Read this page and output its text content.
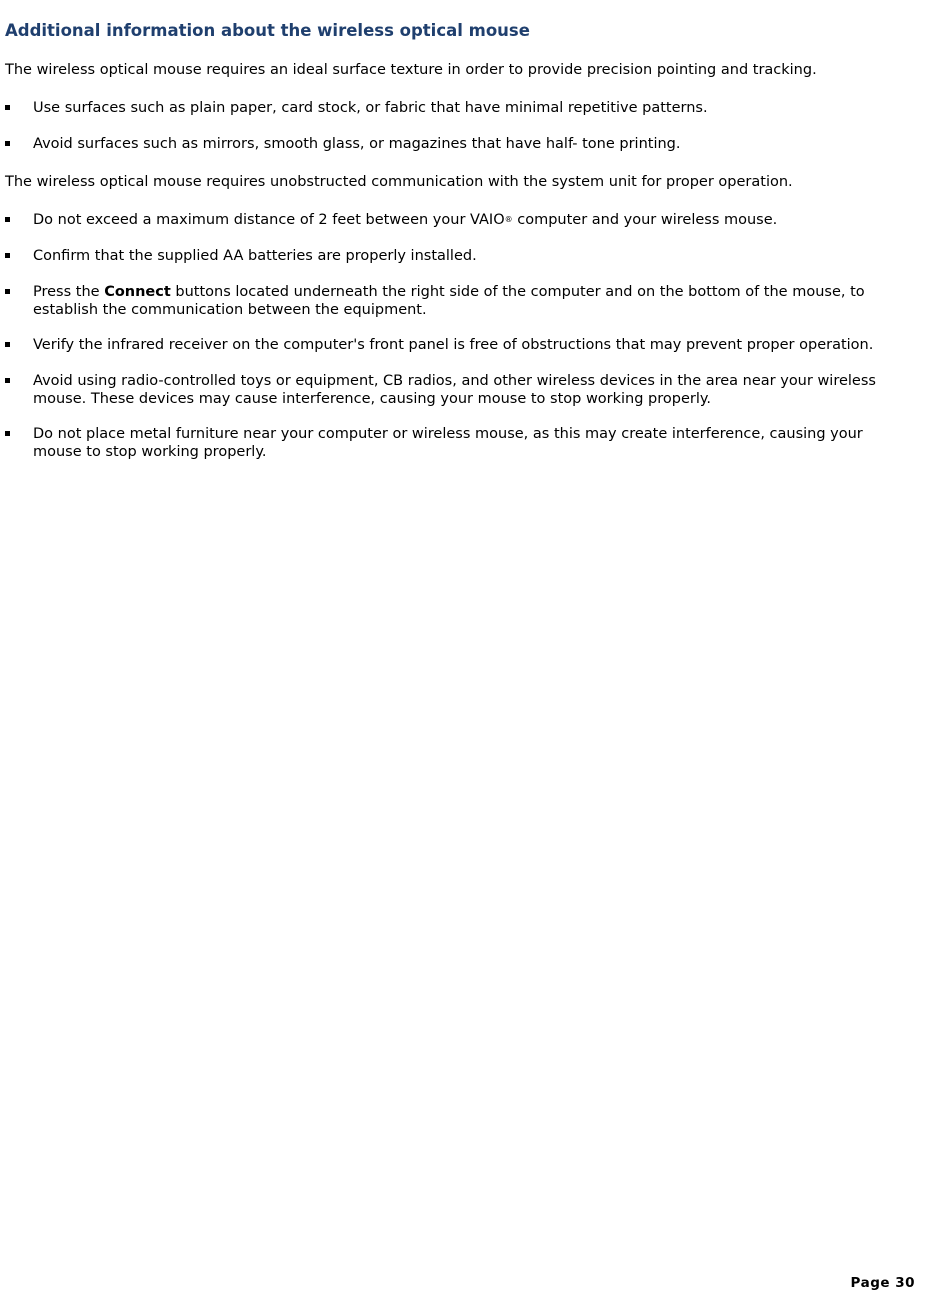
Additional information about the wireless optical mouse

The wireless optical mouse requires an ideal surface texture in order to provide precision pointing and tracking.

Use surfaces such as plain paper, card stock, or fabric that have minimal repetitive patterns.

Avoid surfaces such as mirrors, smooth glass, or magazines that have half- tone printing.

The wireless optical mouse requires unobstructed communication with the system unit for proper operation.

Do not exceed a maximum distance of 2 feet between your VAIO® computer and your wireless mouse.

Confirm that the supplied AA batteries are properly installed.

Press the Connect buttons located underneath the right side of the computer and on the bottom of the mouse, to establish the communication between the equipment.

Verify the infrared receiver on the computer's front panel is free of obstructions that may prevent proper operation.

Avoid using radio-controlled toys or equipment, CB radios, and other wireless devices in the area near your wireless mouse. These devices may cause interference, causing your mouse to stop working properly.

Do not place metal furniture near your computer or wireless mouse, as this may create interference, causing your mouse to stop working properly.

Page 30
